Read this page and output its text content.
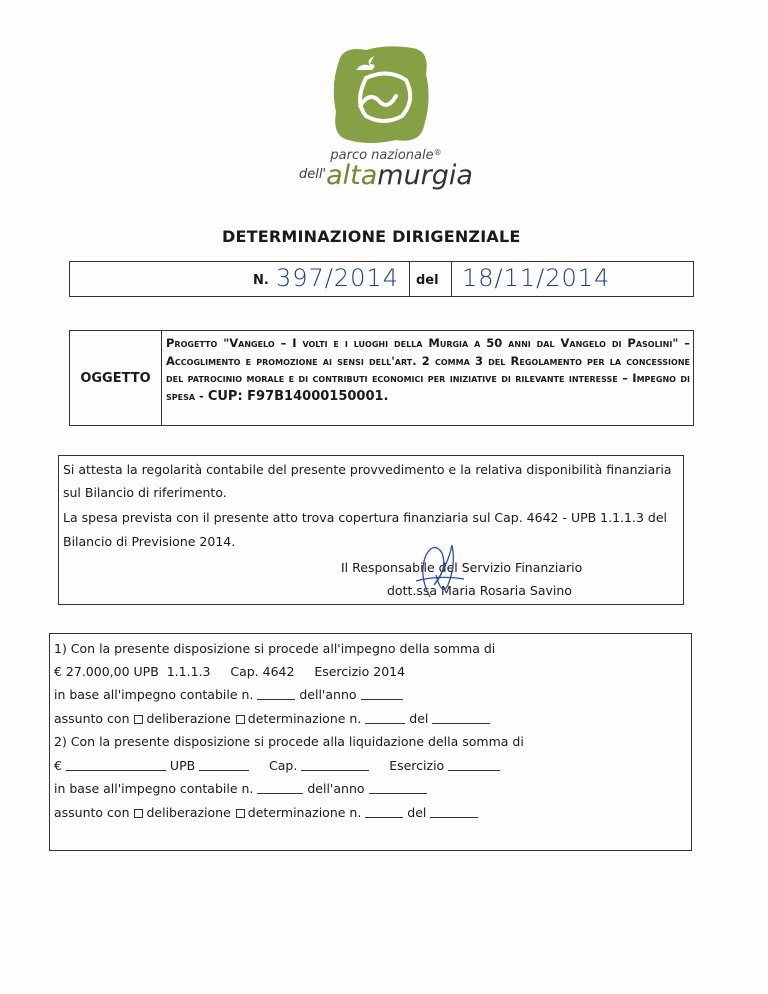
parco nazionale®
$^{dell'}$altamurgia
DETERMINAZIONE DIRIGENZIALE
N. 397/2014 del 18/11/2014
OGGETTO
Progetto "Vangelo – I volti e i luoghi della Murgia a 50 anni dal Vangelo di Pasolini" – Accoglimento e promozione ai sensi dell'art. 2 comma 3 del Regolamento per la concessione del patrocinio morale e di contributi economici per iniziative di rilevante interesse – Impegno di spesa - CUP: F97B14000150001.
Si attesta la regolarità contabile del presente provvedimento e la relativa disponibilità finanziaria
sul Bilancio di riferimento.
La spesa prevista con il presente atto trova copertura finanziaria sul Cap. 4642 - UPB 1.1.1.3 del
Bilancio di Previsione 2014.
Il Responsabile del Servizio Finanziario
dott.ssa Maria Rosaria Savino
1) Con la presente disposizione si procede all'impegno della somma di
€ 27.000,00 UPB 1.1.1.3 Cap. 4642 Esercizio 2014
in base all'impegno contabile n.	dell'anno
assunto con deliberazione determinazione n.	del
2) Con la presente disposizione si procede alla liquidazione della somma di
€	UPB	Cap.	Esercizio
in base all'impegno contabile n.	dell'anno
assunto con deliberazione determinazione n.	del
